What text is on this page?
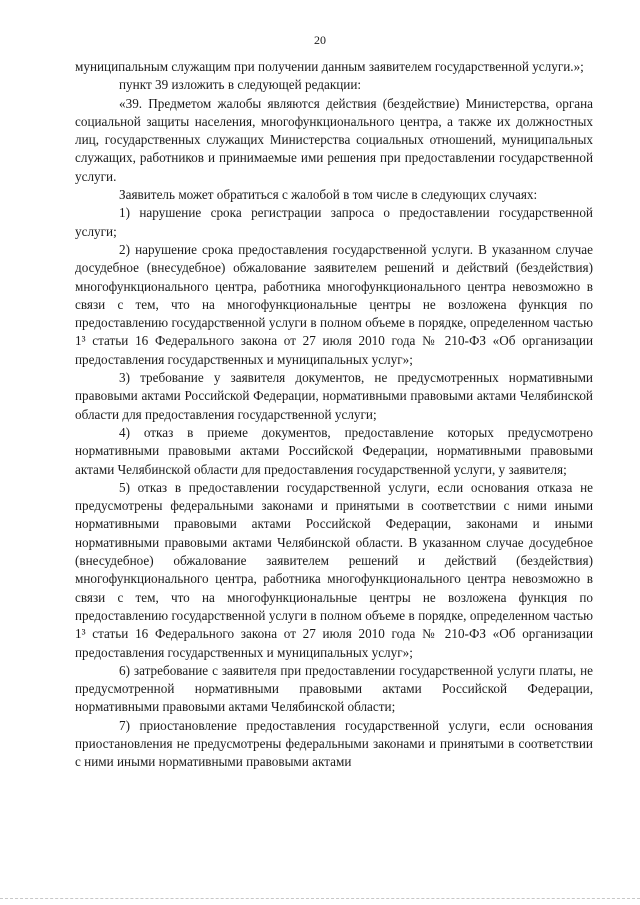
20

муниципальным служащим при получении данным заявителем государственной услуги.»;

пункт 39 изложить в следующей редакции:

«39. Предметом жалобы являются действия (бездействие) Министерства, органа социальной защиты населения, многофункционального центра, а также их должностных лиц, государственных служащих Министерства социальных отношений, муниципальных служащих, работников и принимаемые ими решения при предоставлении государственной услуги.

Заявитель может обратиться с жалобой в том числе в следующих случаях:

1) нарушение срока регистрации запроса о предоставлении государственной услуги;

2) нарушение срока предоставления государственной услуги. В указанном случае досудебное (внесудебное) обжалование заявителем решений и действий (бездействия) многофункционального центра, работника многофункционального центра невозможно в связи с тем, что на многофункциональные центры не возложена функция по предоставлению государственной услуги в полном объеме в порядке, определенном частью 1³ статьи 16 Федерального закона от 27 июля 2010 года № 210-ФЗ «Об организации предоставления государственных и муниципальных услуг»;

3) требование у заявителя документов, не предусмотренных нормативными правовыми актами Российской Федерации, нормативными правовыми актами Челябинской области для предоставления государственной услуги;

4) отказ в приеме документов, предоставление которых предусмотрено нормативными правовыми актами Российской Федерации, нормативными правовыми актами Челябинской области для предоставления государственной услуги, у заявителя;

5) отказ в предоставлении государственной услуги, если основания отказа не предусмотрены федеральными законами и принятыми в соответствии с ними иными нормативными правовыми актами Российской Федерации, законами и иными нормативными правовыми актами Челябинской области. В указанном случае досудебное (внесудебное) обжалование заявителем решений и действий (бездействия) многофункционального центра, работника многофункционального центра невозможно в связи с тем, что на многофункциональные центры не возложена функция по предоставлению государственной услуги в полном объеме в порядке, определенном частью 1³ статьи 16 Федерального закона от 27 июля 2010 года № 210-ФЗ «Об организации предоставления государственных и муниципальных услуг»;

6) затребование с заявителя при предоставлении государственной услуги платы, не предусмотренной нормативными правовыми актами Российской Федерации, нормативными правовыми актами Челябинской области;

7) приостановление предоставления государственной услуги, если основания приостановления не предусмотрены федеральными законами и принятыми в соответствии с ними иными нормативными правовыми актами
